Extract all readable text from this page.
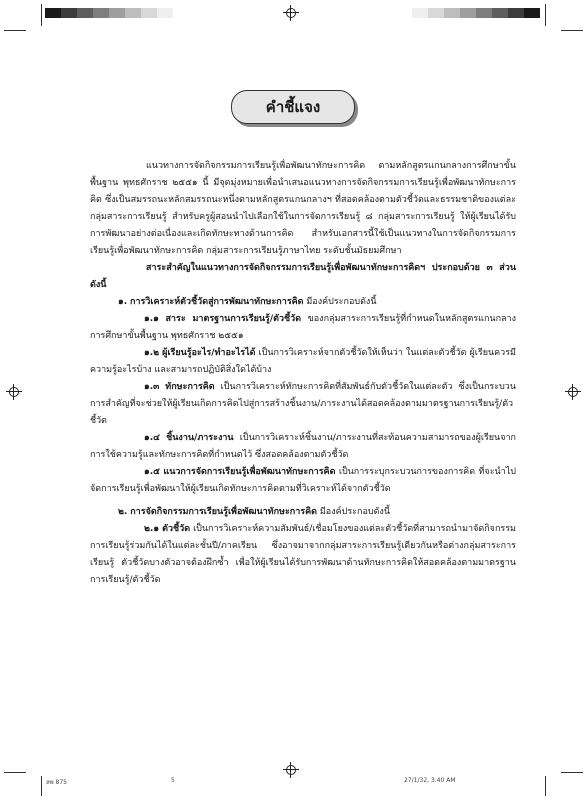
คำชี้แจง

แนวทางการจัดกิจกรรมการเรียนรู้เพื่อพัฒนาทักษะการคิด ตามหลักสูตรแกนกลางการศึกษาขั้นพื้นฐาน พุทธศักราช ๒๕๕๑ นี้ มีจุดมุ่งหมายเพื่อนำเสนอแนวทางการจัดกิจกรรมการเรียนรู้เพื่อพัฒนาทักษะการคิด ซึ่งเป็นสมรรถนะหลักสมรรถนะหนึ่งตามหลักสูตรแกนกลางฯ ที่สอดคล้องตามตัวชี้วัดและธรรมชาติของแต่ละกลุ่มสาระการเรียนรู้ สำหรับครูผู้สอนนำไปเลือกใช้ในการจัดการเรียนรู้ ๘ กลุ่มสาระการเรียนรู้ ให้ผู้เรียนได้รับการพัฒนาอย่างต่อเนื่องและเกิดทักษะทางด้านการคิด สำหรับเอกสารนี้ใช้เป็นแนวทางในการจัดกิจกรรมการเรียนรู้เพื่อพัฒนาทักษะการคิด กลุ่มสาระการเรียนรู้ภาษาไทย ระดับชั้นมัธยมศึกษา

สาระสำคัญในแนวทางการจัดกิจกรรมการเรียนรู้เพื่อพัฒนาทักษะการคิดฯ ประกอบด้วย ๓ ส่วน ดังนี้

๑. การวิเคราะห์ตัวชี้วัดสู่การพัฒนาทักษะการคิด มีองค์ประกอบดังนี้

๑.๑ สาระ มาตรฐานการเรียนรู้/ตัวชี้วัด ของกลุ่มสาระการเรียนรู้ที่กำหนดในหลักสูตรแกนกลางการศึกษาขั้นพื้นฐาน พุทธศักราช ๒๕๕๑

๑.๒ ผู้เรียนรู้อะไร/ทำอะไรได้ เป็นการวิเคราะห์จากตัวชี้วัดให้เห็นว่า ในแต่ละตัวชี้วัด ผู้เรียนควรมีความรู้อะไรบ้าง และสามารถปฏิบัติสิ่งใดได้บ้าง

๑.๓ ทักษะการคิด เป็นการวิเคราะห์ทักษะการคิดที่สัมพันธ์กับตัวชี้วัดในแต่ละตัว ซึ่งเป็นกระบวนการสำคัญที่จะช่วยให้ผู้เรียนเกิดการคิดไปสู่การสร้างชิ้นงาน/ภาระงานได้สอดคล้องตามมาตรฐานการเรียนรู้/ตัวชี้วัด

๑.๔ ชิ้นงาน/ภาระงาน เป็นการวิเคราะห์ชิ้นงาน/ภาระงานที่สะท้อนความสามารถของผู้เรียนจากการใช้ความรู้และทักษะการคิดที่กำหนดไว้ ซึ่งสอดคล้องตามตัวชี้วัด

๑.๕ แนวการจัดการเรียนรู้เพื่อพัฒนาทักษะการคิด เป็นการระบุกระบวนการของการคิด ที่จะนำไปจัดการเรียนรู้เพื่อพัฒนาให้ผู้เรียนเกิดทักษะการคิดตามที่วิเคราะห์ได้จากตัวชี้วัด

๒. การจัดกิจกรรมการเรียนรู้เพื่อพัฒนาทักษะการคิด มีองค์ประกอบดังนี้

๒.๑ ตัวชี้วัด เป็นการวิเคราะห์ความสัมพันธ์/เชื่อมโยงของแต่ละตัวชี้วัดที่สามารถนำมาจัดกิจกรรมการเรียนรู้ร่วมกันได้ในแต่ละชั้นปี/ภาคเรียน ซึ่งอาจมาจากกลุ่มสาระการเรียนรู้เดียวกันหรือต่างกลุ่มสาระการเรียนรู้ ตัวชี้วัดบางตัวอาจต้องฝึกซ้ำ เพื่อให้ผู้เรียนได้รับการพัฒนาด้านทักษะการคิดให้สอดคล้องตามมาตรฐานการเรียนรู้/ตัวชี้วัด

ลพ 875	5	27/1/32, 3.40 AM
